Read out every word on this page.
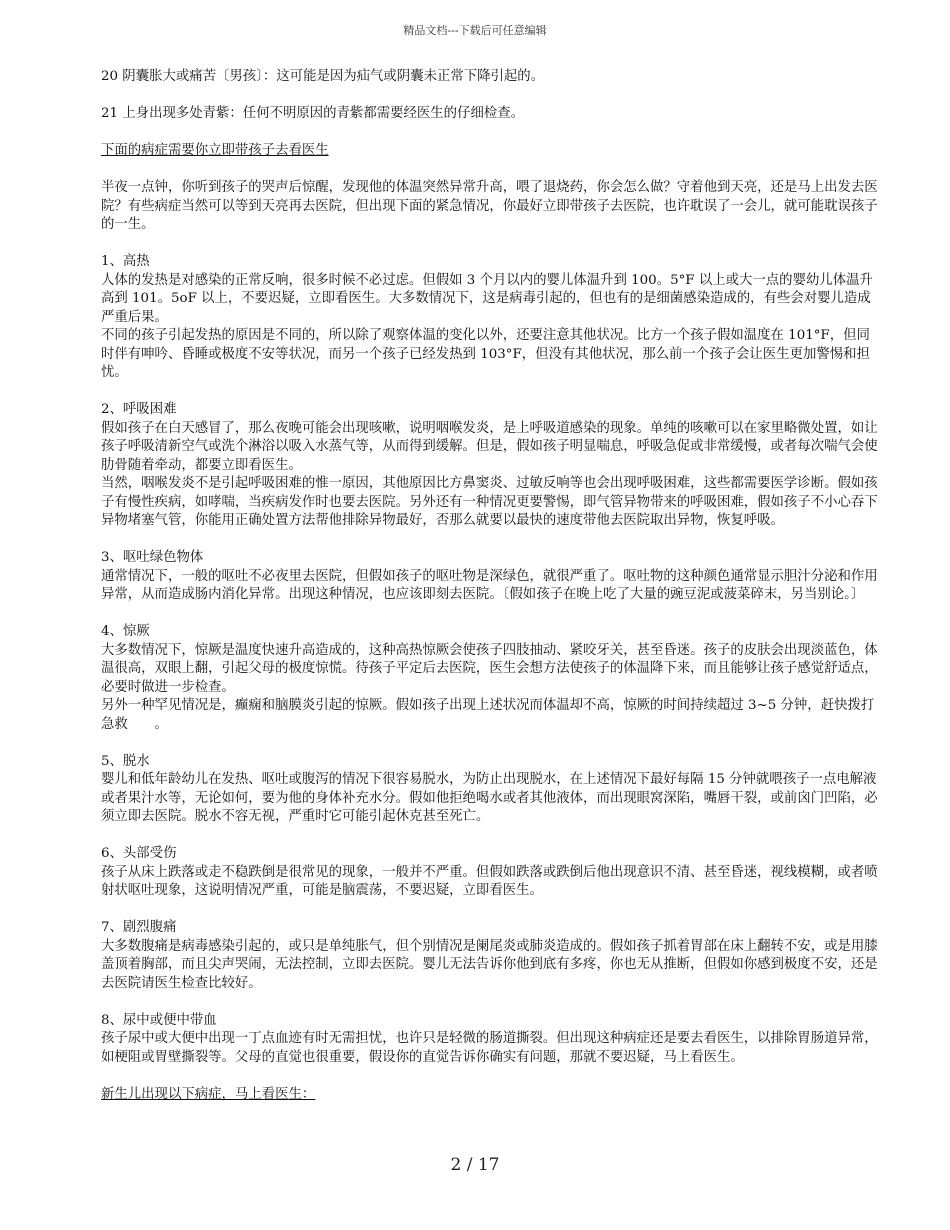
精品文档---下载后可任意编辑

20 阴囊胀大或痛苦〔男孩〕：这可能是因为疝气或阴囊未正常下降引起的。

21 上身出现多处青紫：任何不明原因的青紫都需要经医生的仔细检查。

下面的病症需要你立即带孩子去看医生

半夜一点钟，你听到孩子的哭声后惊醒，发现他的体温突然异常升高，喂了退烧药，你会怎么做？守着他到天亮，还是马上出发去医院？有些病症当然可以等到天亮再去医院，但出现下面的紧急情况，你最好立即带孩子去医院，也许耽误了一会儿，就可能耽误孩子的一生。

1、高热

人体的发热是对感染的正常反响，很多时候不必过虑。但假如 3 个月以内的婴儿体温升到 100。5°F 以上或大一点的婴幼儿体温升高到 101。5oF 以上，不要迟疑，立即看医生。大多数情况下，这是病毒引起的，但也有的是细菌感染造成的，有些会对婴儿造成严重后果。

不同的孩子引起发热的原因是不同的，所以除了观察体温的变化以外，还要注意其他状况。比方一个孩子假如温度在 101°F，但同时伴有呻吟、昏睡或极度不安等状况，而另一个孩子已经发热到 103°F，但没有其他状况，那么前一个孩子会让医生更加警惕和担忧。

2、呼吸困难

假如孩子在白天感冒了，那么夜晚可能会出现咳嗽，说明咽喉发炎，是上呼吸道感染的现象。单纯的咳嗽可以在家里略微处置，如让孩子呼吸清新空气或洗个淋浴以吸入水蒸气等，从而得到缓解。但是，假如孩子明显喘息，呼吸急促或非常缓慢，或者每次喘气会使肋骨随着牵动，都要立即看医生。

当然，咽喉发炎不是引起呼吸困难的惟一原因，其他原因比方鼻窦炎、过敏反响等也会出现呼吸困难，这些都需要医学诊断。假如孩子有慢性疾病，如哮喘，当疾病发作时也要去医院。另外还有一种情况更要警惕，即气管异物带来的呼吸困难，假如孩子不小心吞下异物堵塞气管，你能用正确处置方法帮他排除异物最好，否那么就要以最快的速度带他去医院取出异物，恢复呼吸。

3、呕吐绿色物体

通常情况下，一般的呕吐不必夜里去医院，但假如孩子的呕吐物是深绿色，就很严重了。呕吐物的这种颜色通常显示胆汁分泌和作用异常，从而造成肠内消化异常。出现这种情况，也应该即刻去医院。〔假如孩子在晚上吃了大量的豌豆泥或菠菜碎末，另当别论。〕

4、惊厥

大多数情况下，惊厥是温度快速升高造成的，这种高热惊厥会使孩子四肢抽动、紧咬牙关，甚至昏迷。孩子的皮肤会出现淡蓝色，体温很高，双眼上翻，引起父母的极度惊慌。待孩子平定后去医院，医生会想方法使孩子的体温降下来，而且能够让孩子感觉舒适点，必要时做进一步检查。

另外一种罕见情况是，癫痫和脑膜炎引起的惊厥。假如孩子出现上述状况而体温却不高，惊厥的时间持续超过 3~5 分钟，赶快拨打急救　　。

5、脱水

婴儿和低年龄幼儿在发热、呕吐或腹泻的情况下很容易脱水，为防止出现脱水，在上述情况下最好每隔 15 分钟就喂孩子一点电解液或者果汁水等，无论如何，要为他的身体补充水分。假如他拒绝喝水或者其他液体，而出现眼窝深陷，嘴唇干裂，或前囟门凹陷，必须立即去医院。脱水不容无视，严重时它可能引起休克甚至死亡。

6、头部受伤

孩子从床上跌落或走不稳跌倒是很常见的现象，一般并不严重。但假如跌落或跌倒后他出现意识不清、甚至昏迷，视线模糊，或者喷射状呕吐现象，这说明情况严重，可能是脑震荡，不要迟疑，立即看医生。

7、剧烈腹痛

大多数腹痛是病毒感染引起的，或只是单纯胀气，但个别情况是阑尾炎或肺炎造成的。假如孩子抓着胃部在床上翻转不安，或是用膝盖顶着胸部，而且尖声哭闹，无法控制，立即去医院。婴儿无法告诉你他到底有多疼，你也无从推断，但假如你感到极度不安，还是去医院请医生检查比较好。

8、尿中或便中带血

孩子尿中或大便中出现一丁点血迹有时无需担忧，也许只是轻微的肠道撕裂。但出现这种病症还是要去看医生，以排除胃肠道异常，如梗阻或胃壁撕裂等。父母的直觉也很重要，假设你的直觉告诉你确实有问题，那就不要迟疑，马上看医生。

新生儿出现以下病症，马上看医生：

2 / 17
